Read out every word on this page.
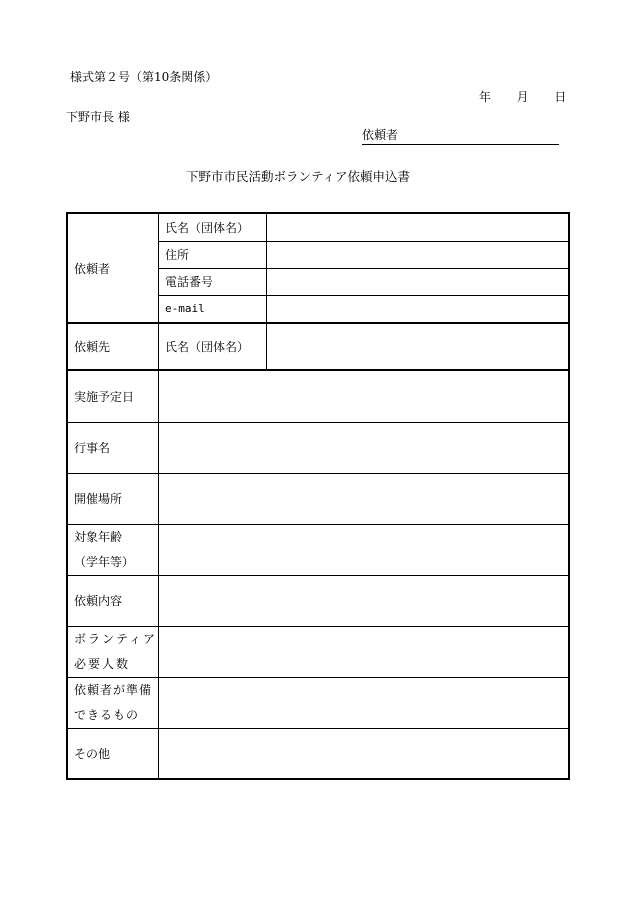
様式第２号（第10条関係）
年 月 日
下野市長 様
依頼者
下野市市民活動ボランティア依頼申込書
依頼者
氏名（団体名）
住所
電話番号
e-mail
依頼先	氏名（団体名）
実施予定日
行事名
開催場所
対象年齢
（学年等）
依頼内容
ボランティア
必要人数
依頼者が準備
できるもの
その他
